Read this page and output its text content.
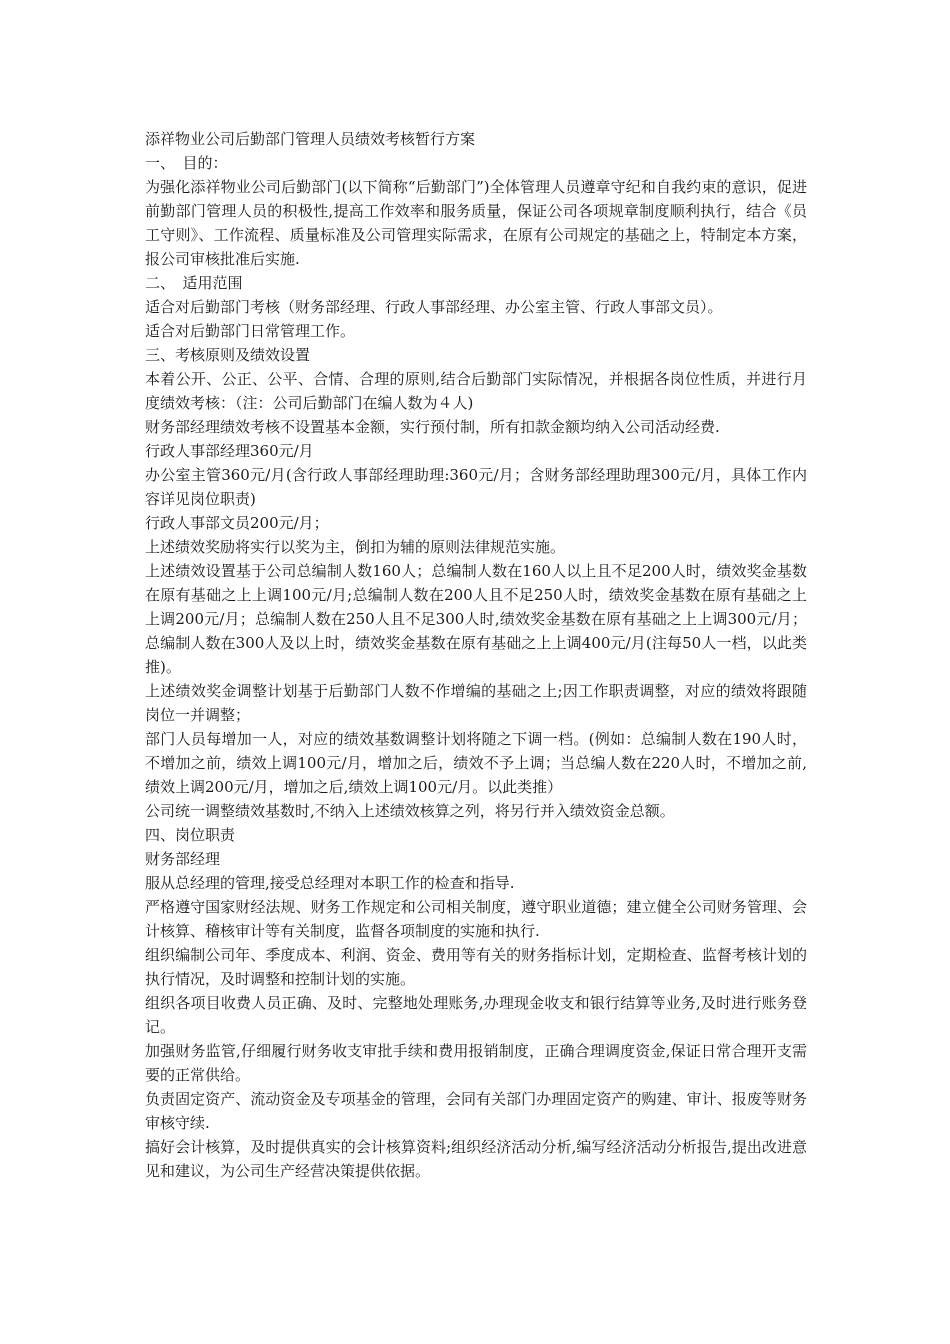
添祥物业公司后勤部门管理人员绩效考核暂行方案

一、　目的：

为强化添祥物业公司后勤部门(以下简称“后勤部门”)全体管理人员遵章守纪和自我约束的意识，促进前勤部门管理人员的积极性,提高工作效率和服务质量，保证公司各项规章制度顺利执行，结合《员工守则》、工作流程、质量标准及公司管理实际需求，在原有公司规定的基础之上，特制定本方案，报公司审核批准后实施.

二、　适用范围

适合对后勤部门考核（财务部经理、行政人事部经理、办公室主管、行政人事部文员）。

适合对后勤部门日常管理工作。

三、考核原则及绩效设置

本着公开、公正、公平、合情、合理的原则,结合后勤部门实际情况，并根据各岗位性质，并进行月度绩效考核：（注：公司后勤部门在编人数为４人)

财务部经理绩效考核不设置基本金额，实行预付制，所有扣款金额均纳入公司活动经费.

行政人事部经理360元/月

办公室主管360元/月(含行政人事部经理助理:360元/月；含财务部经理助理300元/月，具体工作内容详见岗位职责)

行政人事部文员200元/月；

上述绩效奖励将实行以奖为主，倒扣为辅的原则法律规范实施。

上述绩效设置基于公司总编制人数160人；总编制人数在160人以上且不足200人时，绩效奖金基数在原有基础之上上调100元/月;总编制人数在200人且不足250人时，绩效奖金基数在原有基础之上上调200元/月；总编制人数在250人且不足300人时,绩效奖金基数在原有基础之上上调300元/月；总编制人数在300人及以上时，绩效奖金基数在原有基础之上上调400元/月(注每50人一档，以此类推)。

上述绩效奖金调整计划基于后勤部门人数不作增编的基础之上;因工作职责调整，对应的绩效将跟随岗位一并调整；

部门人员每增加一人，对应的绩效基数调整计划将随之下调一档。(例如：总编制人数在190人时，不增加之前，绩效上调100元/月，增加之后，绩效不予上调；当总编人数在220人时，不增加之前,绩效上调200元/月，增加之后,绩效上调100元/月。以此类推）

公司统一调整绩效基数时,不纳入上述绩效核算之列，将另行并入绩效资金总额。

四、岗位职责

财务部经理

服从总经理的管理,接受总经理对本职工作的检查和指导.

严格遵守国家财经法规、财务工作规定和公司相关制度，遵守职业道德；建立健全公司财务管理、会计核算、稽核审计等有关制度，监督各项制度的实施和执行.

组织编制公司年、季度成本、利润、资金、费用等有关的财务指标计划，定期检查、监督考核计划的执行情况，及时调整和控制计划的实施。

组织各项目收费人员正确、及时、完整地处理账务,办理现金收支和银行结算等业务,及时进行账务登记。

加强财务监管,仔细履行财务收支审批手续和费用报销制度，正确合理调度资金,保证日常合理开支需要的正常供给。

负责固定资产、流动资金及专项基金的管理，会同有关部门办理固定资产的购建、审计、报废等财务审核守续.

搞好会计核算，及时提供真实的会计核算资料;组织经济活动分析,编写经济活动分析报告,提出改进意见和建议，为公司生产经营决策提供依据。
